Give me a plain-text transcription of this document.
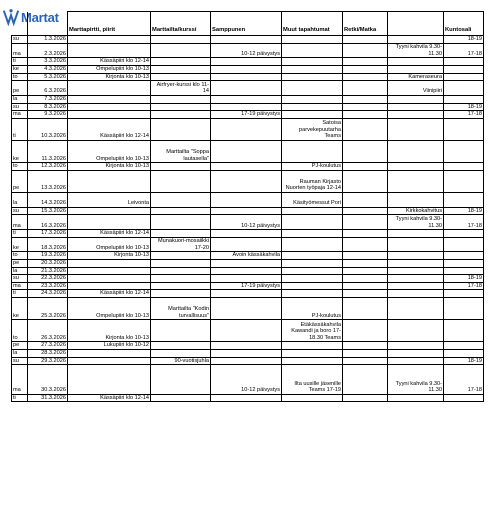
Martat
		Marttapirtti, piirit	Marttailta/kurssi	Samppunen	Muut tapahtumat	Retki/Matka		Kuntosali
su	1.3.2026							18-19
ma	2.3.2026			10-12 päivystys			Tyyni kahvila 9.30-11.30	17-18
ti	3.3.2026	Kässäpiiri klo 12-14						
ke	4.3.2026	Ompelupiiri klo 10-13						
to	5.3.2026	Kirjonta klo 10-13					Kameraseura	
pe	6.3.2026		Airfryer-kurssi klo 11-14				Viinipiiri	
la	7.3.2026							
su	8.3.2026							18-19
ma	9.3.2026			17-19 päivystys				17-18
ti	10.3.2026	Kässäpiiri klo 12-14			Satoisa parvekepuutarha Teams			
ke	11.3.2026	Ompelupiiri klo 10-13	Marttailta "Soppa lautasella"					
to	12.3.2026	Kirjonta klo 10-13			PJ-koulutus			
pe	13.3.2026				Rauman Kirjasto Nuorten työpaja 12-14			
la	14.3.2026	Leivonta			Käsityömessut Pori			
su	15.3.2026						Kirkkokahvitus	18-19
ma	16.3.2026			10-12 päivystys			Tyyni kahvila 9.30-11.30	17-18
ti	17.3.2026	Kässäpiiri klo 12-14						
ke	18.3.2026	Ompelupiiri klo 10-13	Munakuori-mosaiikki 17-20					
to	19.3.2026	Kirjonta 10-13		Avoin kässäkahvila				
pe	20.3.2026							
la	21.3.2026							
su	22.3.2026							18-19
ma	23.3.2026			17-19 päivystys				17-18
ti	24.3.2026	Kässäpiiri klo 12-14						
ke	25.3.2026	Ompelupiiri klo 10-13	Marttailta "Kodin turvallisuus"		PJ-koulutus			
to	26.3.2026	Kirjonta klo 10-13			Etäkässäkahvila Kawandi ja boro 17-18.30 Teams			
pe	27.3.2026	Lukupiiri klo 10-12						
la	28.3.2026							
su	29.3.2026		90-vuotisjuhla					18-19
ma	30.3.2026			10-12 päivystys	Ilta uusille jäsenille Teams 17-19		Tyyni kahvila 9.30-11.30	17-18
ti	31.3.2026	Kässäpiiri klo 12-14						
